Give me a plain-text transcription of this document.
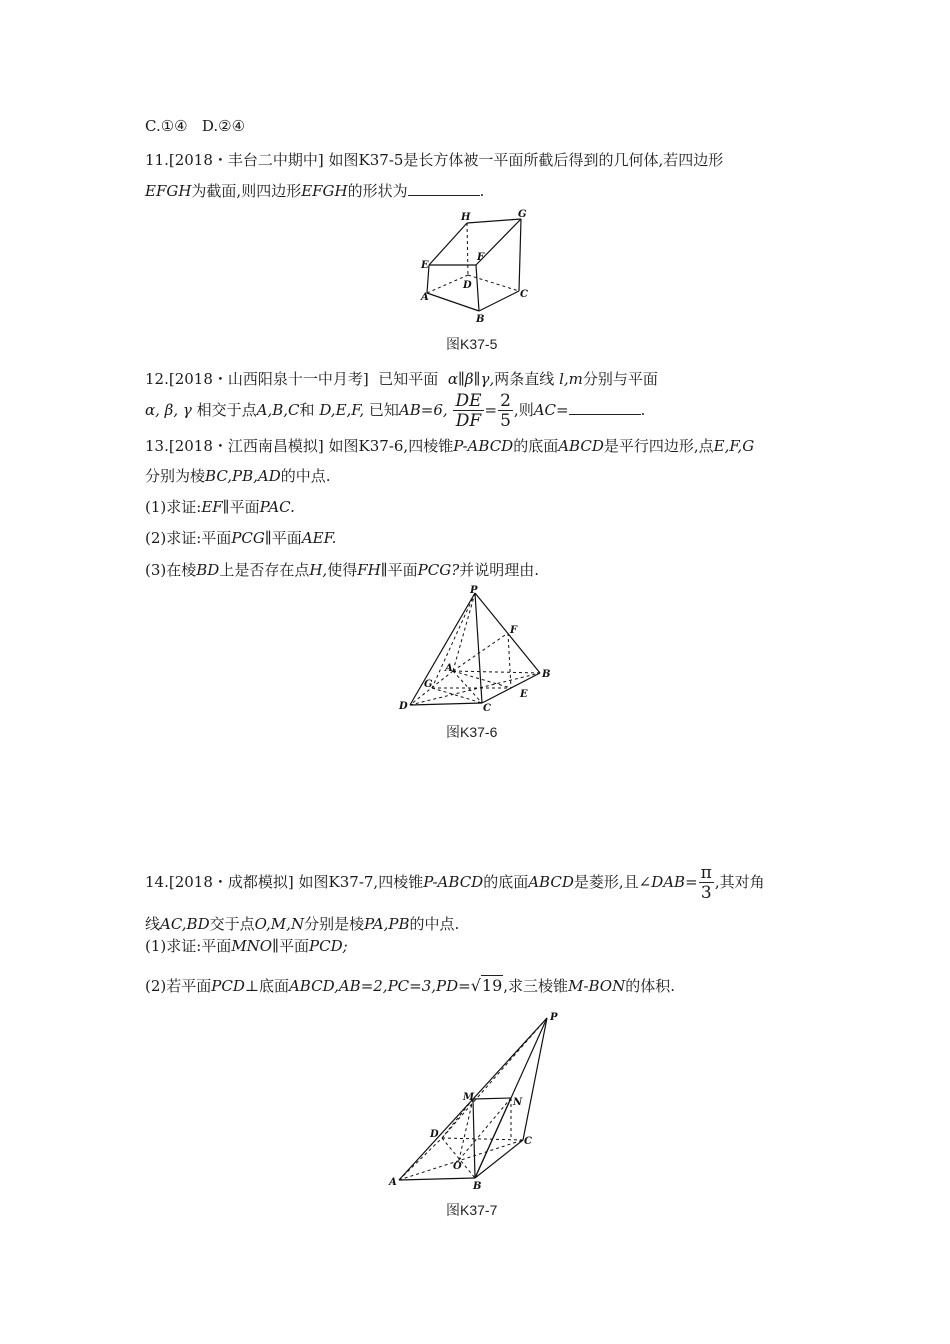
C.①④ D.②④
11.[2018・丰台二中期中] 如图K37-5是长方体被一平面所截后得到的几何体,若四边形
EFGH为截面,则四边形EFGH的形状为	.
H	G
E
F
D
A	C
B
图K37-5
12.[2018・山西阳泉十一中月考] 已知平面 α∥β∥γ,两条直线 l,m分别与平面
α, β, γ 相交于点A,B,C和 D,E,F, 已知AB=6, $\frac{DE}{DF} = \frac{2}{5}$ ,则AC=	.
13.[2018・江西南昌模拟] 如图K37-6,四棱锥P-ABCD的底面ABCD是平行四边形,点E,F,G
分别为棱BC,PB,AD的中点.
(1)求证:EF∥平面PAC.
(2)求证:平面PCG∥平面AEF.
(3)在棱BD上是否存在点H,使得FH∥平面PCG?并说明理由.
P
F
A
B
G
E
D	C
图K37-6
14.[2018・成都模拟] 如图K37-7,四棱锥P-ABCD的底面ABCD是菱形,且∠DAB= $\frac{\pi}{3}$ ,其对角
线AC,BD交于点O,M,N分别是棱PA,PB的中点.
(1)求证:平面MNO∥平面PCD;
(2)若平面PCD⊥底面ABCD,AB=2,PC=3,PD=√19,求三棱锥M-BON的体积.
P
M	N
D
C
O
A	B
图K37-7
